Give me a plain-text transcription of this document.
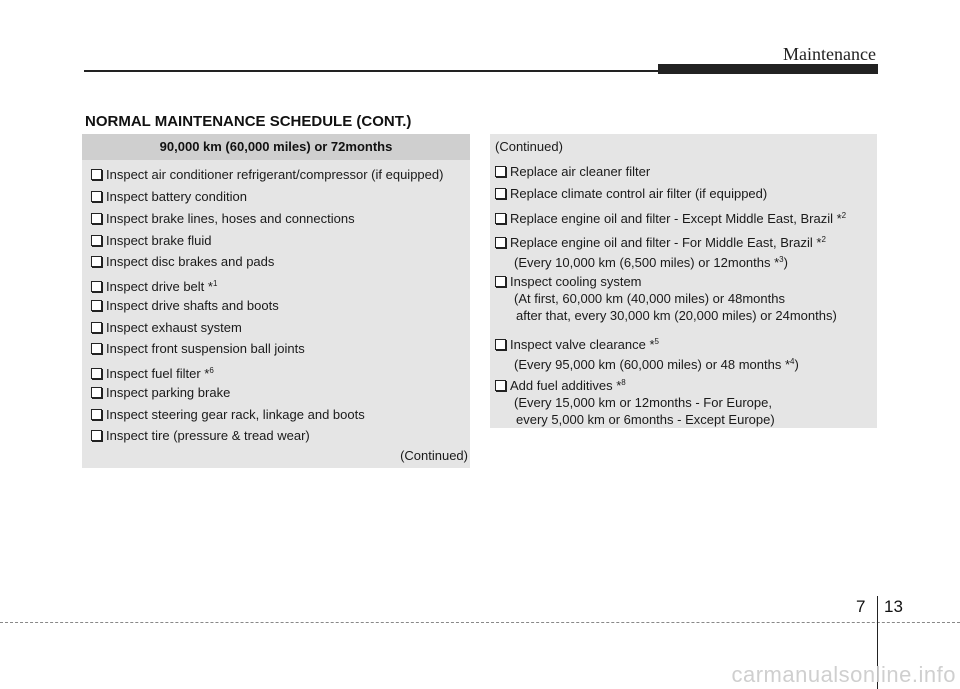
Maintenance
NORMAL MAINTENANCE SCHEDULE (CONT.)
90,000 km (60,000 miles) or 72months
Inspect air conditioner refrigerant/compressor (if equipped)
Inspect battery condition
Inspect brake lines, hoses and connections
Inspect brake fluid
Inspect disc brakes and pads
Inspect drive belt *$^1$
Inspect drive shafts and boots
Inspect exhaust system
Inspect front suspension ball joints
Inspect fuel filter *$^6$
Inspect parking brake
Inspect steering gear rack, linkage and boots
Inspect tire (pressure & tread wear)
(Continued)
(Continued)
Replace air cleaner filter
Replace climate control air filter (if equipped)
Replace engine oil and filter - Except Middle East, Brazil *$^2$
Replace engine oil and filter - For Middle East, Brazil *$^2$
(Every 10,000 km (6,500 miles) or 12months *$^3$)
Inspect cooling system
(At first, 60,000 km (40,000 miles) or 48months
after that, every 30,000 km (20,000 miles) or 24months)
Inspect valve clearance *$^5$
(Every 95,000 km (60,000 miles) or 48 months *$^4$)
Add fuel additives *$^8$
(Every 15,000 km or 12months - For Europe,
every 5,000 km or 6months - Except Europe)
7 13
carmanualsonline.info
